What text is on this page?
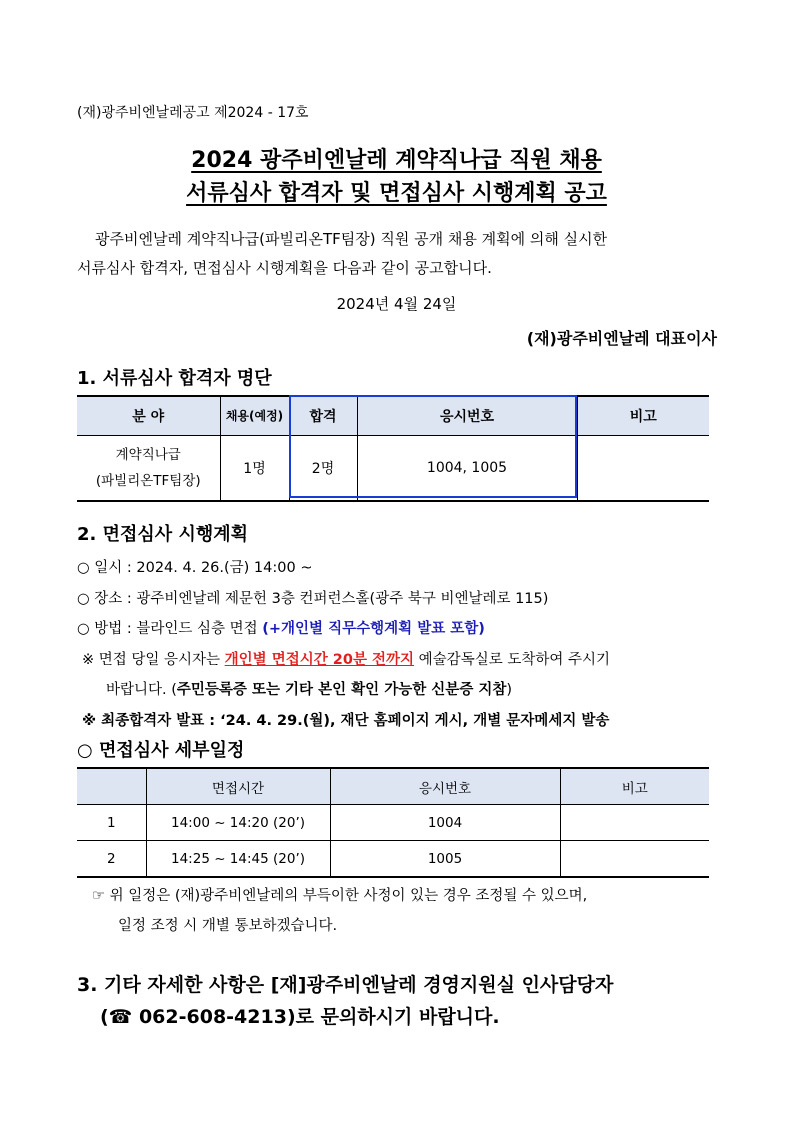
(재)광주비엔날레공고 제2024 - 17호
2024 광주비엔날레 계약직나급 직원 채용
서류심사 합격자 및 면접심사 시행계획 공고
광주비엔날레 계약직나급(파빌리온TF팀장) 직원 공개 채용 계획에 의해 실시한
서류심사 합격자, 면접심사 시행계획을 다음과 같이 공고합니다.
2024년 4월 24일
(재)광주비엔날레 대표이사
1. 서류심사 합격자 명단
분 야	채용(예정)	합격	응시번호	비고

계약직나급
(파빌리온TF팀장)	1명	2명	1004, 1005	
2. 면접심사 시행계획
○ 일시 : 2024. 4. 26.(금) 14:00 ~
○ 장소 : 광주비엔날레 제문헌 3층 컨퍼런스홀(광주 북구 비엔날레로 115)
○ 방법 : 블라인드 심층 면접 (+개인별 직무수행계획 발표 포함)
※ 면접 당일 응시자는 개인별 면접시간 20분 전까지 예술감독실로 도착하여 주시기
바랍니다. (주민등록증 또는 기타 본인 확인 가능한 신분증 지참)
※ 최종합격자 발표 : ‘24. 4. 29.(월), 재단 홈페이지 게시, 개별 문자메세지 발송
○ 면접심사 세부일정
	면접시간	응시번호	비고
1	14:00 ~ 14:20 (20’)	1004	
2	14:25 ~ 14:45 (20’)	1005	
☞ 위 일정은 (재)광주비엔날레의 부득이한 사정이 있는 경우 조정될 수 있으며,
일정 조정 시 개별 통보하겠습니다.
3. 기타 자세한 사항은 [재]광주비엔날레 경영지원실 인사담당자
(☎ 062-608-4213)로 문의하시기 바랍니다.
